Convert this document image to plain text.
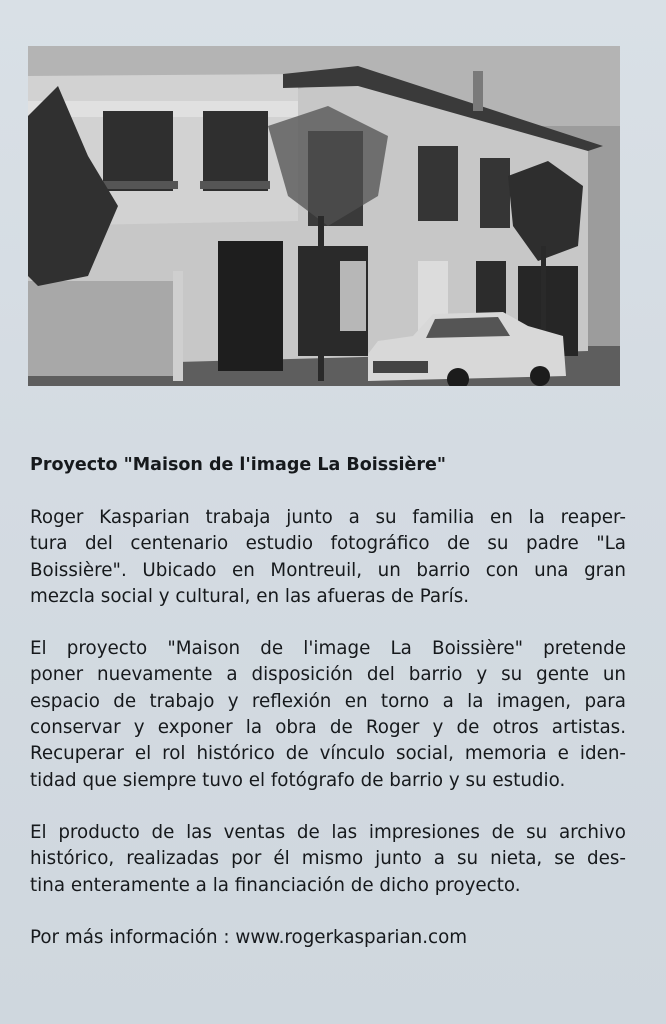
Proyecto "Maison de l'image La Boissière"
Roger Kasparian trabaja junto a su familia en la reaper-
tura del centenario estudio fotográfico de su padre "La
Boissière". Ubicado en Montreuil, un barrio con una gran
mezcla social y cultural, en las afueras de París.
El proyecto "Maison de l'image La Boissière" pretende
poner nuevamente a disposición del barrio y su gente un
espacio de trabajo y reflexión en torno a la imagen, para
conservar y exponer la obra de Roger y de otros artistas.
Recuperar el rol histórico de vínculo social, memoria e iden-
tidad que siempre tuvo el fotógrafo de barrio y su estudio.
El producto de las ventas de las impresiones de su archivo
histórico, realizadas por él mismo junto a su nieta, se des-
tina enteramente a la financiación de dicho proyecto.
Por más información : www.rogerkasparian.com
